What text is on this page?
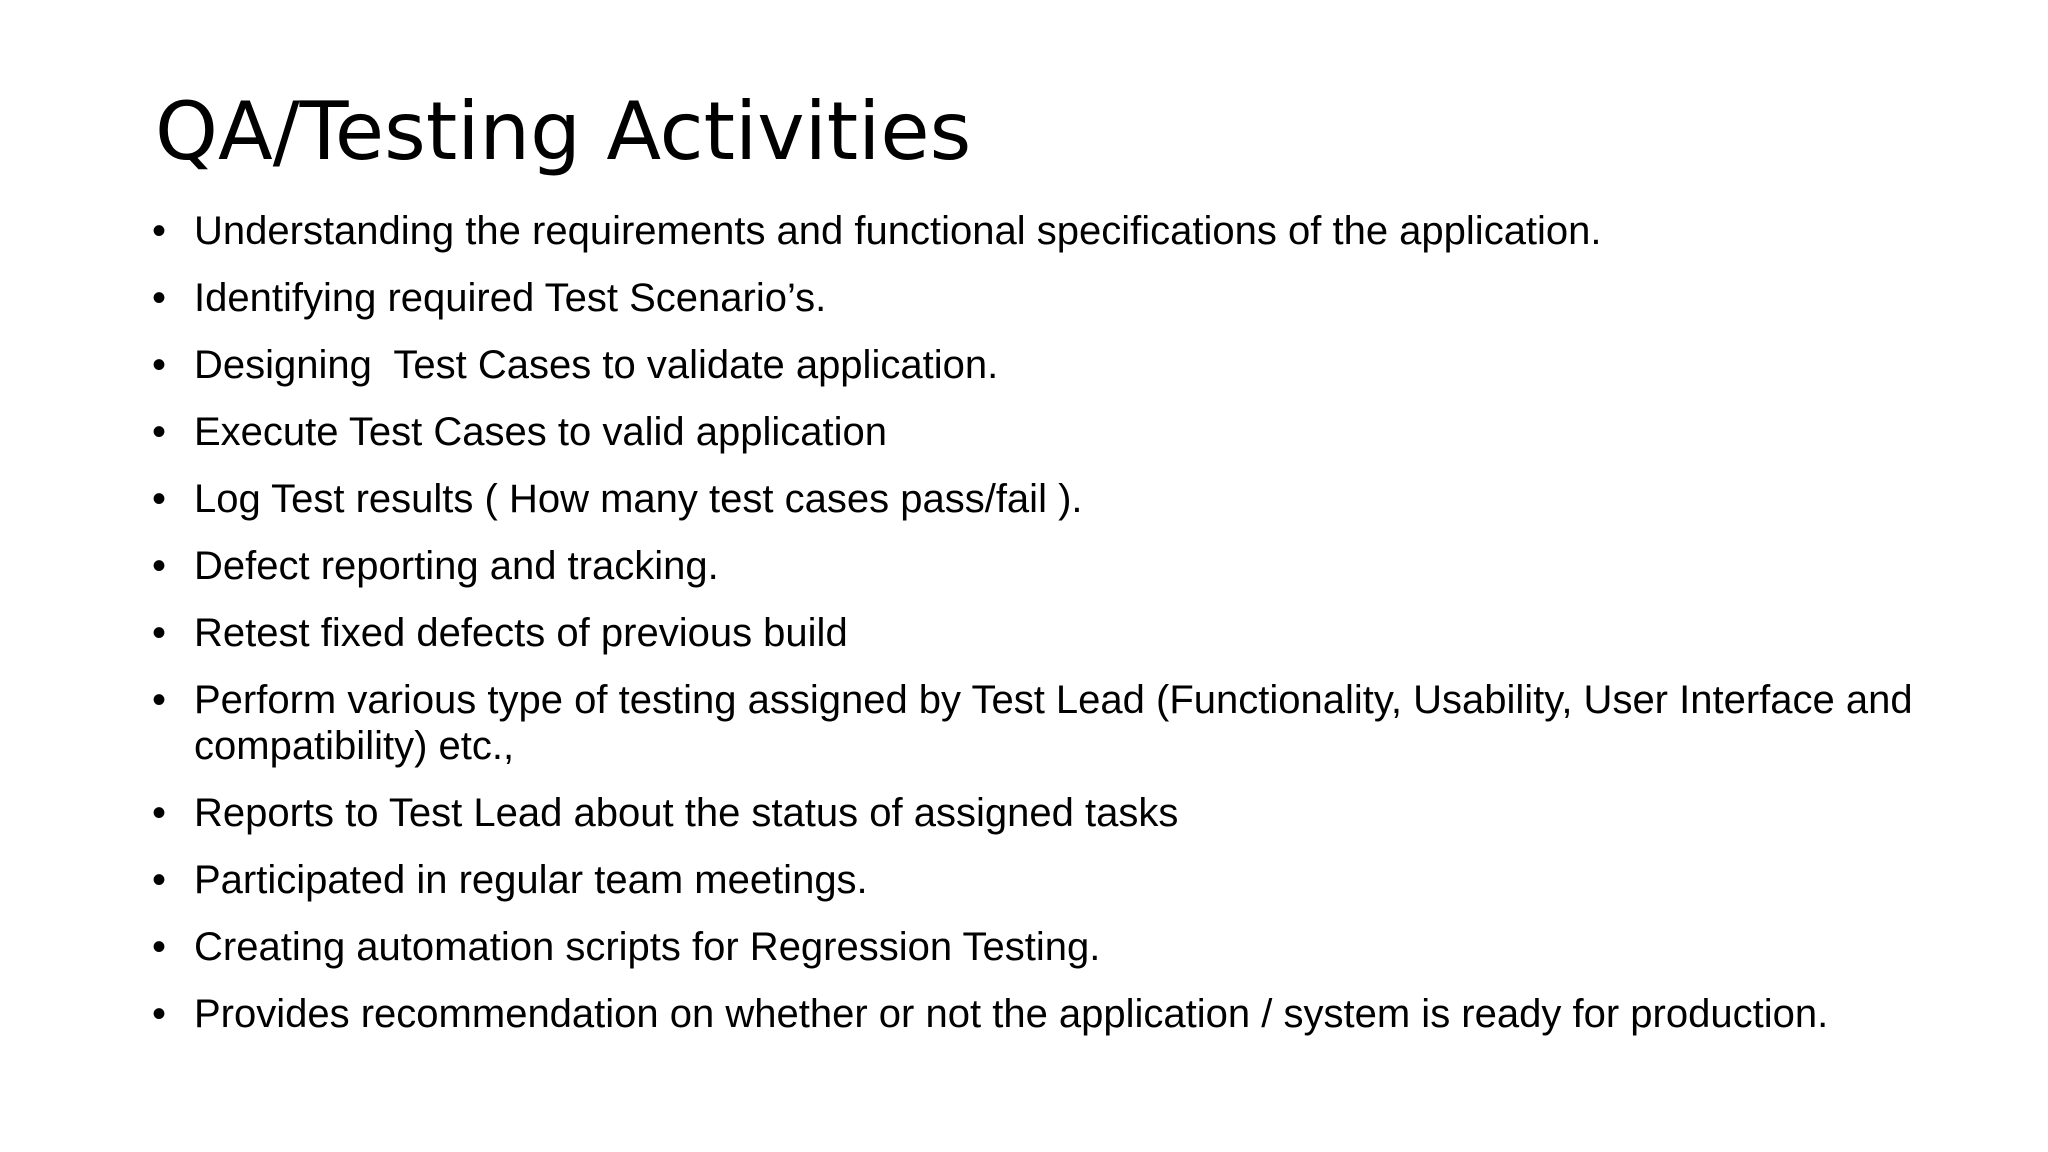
QA/Testing Activities
• Understanding the requirements and functional specifications of the application.
• Identifying required Test Scenario’s.
• Designing  Test Cases to validate application.
• Execute Test Cases to valid application
• Log Test results ( How many test cases pass/fail ).
• Defect reporting and tracking.
• Retest fixed defects of previous build
• Perform various type of testing assigned by Test Lead (Functionality, Usability, User Interface and compatibility) etc.,
• Reports to Test Lead about the status of assigned tasks
• Participated in regular team meetings.
• Creating automation scripts for Regression Testing.
• Provides recommendation on whether or not the application / system is ready for production.
